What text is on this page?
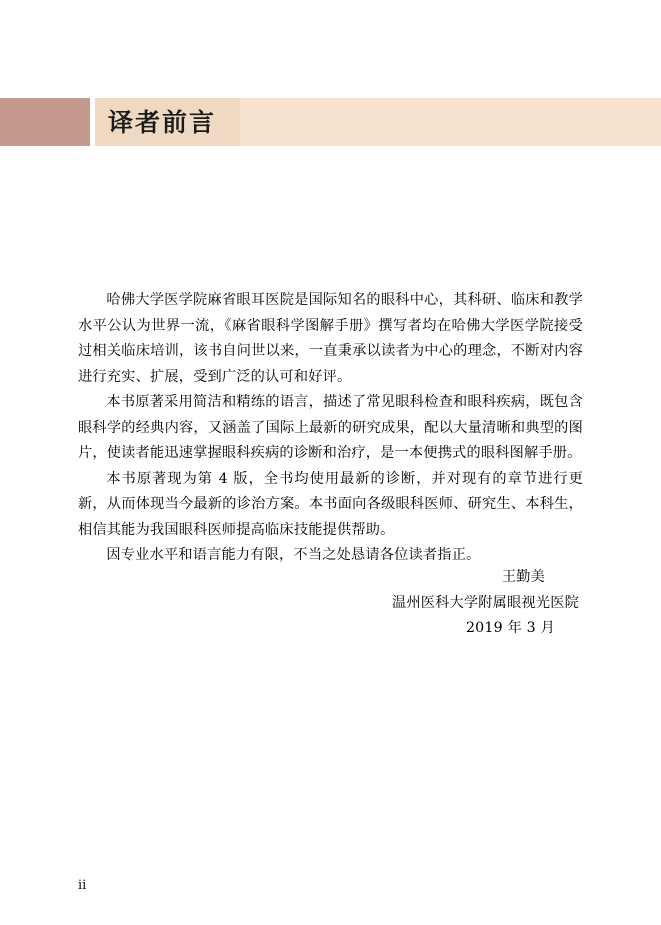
译者前言

哈佛大学医学院麻省眼耳医院是国际知名的眼科中心，其科研、临床和教学水平公认为世界一流，《麻省眼科学图解手册》撰写者均在哈佛大学医学院接受过相关临床培训，该书自问世以来，一直秉承以读者为中心的理念，不断对内容进行充实、扩展，受到广泛的认可和好评。

本书原著采用简洁和精练的语言，描述了常见眼科检查和眼科疾病，既包含眼科学的经典内容，又涵盖了国际上最新的研究成果，配以大量清晰和典型的图片，使读者能迅速掌握眼科疾病的诊断和治疗，是一本便携式的眼科图解手册。

本书原著现为第 4 版，全书均使用最新的诊断，并对现有的章节进行更新，从而体现当今最新的诊治方案。本书面向各级眼科医师、研究生、本科生，相信其能为我国眼科医师提高临床技能提供帮助。

因专业水平和语言能力有限，不当之处恳请各位读者指正。

王勤美
温州医科大学附属眼视光医院
2019 年 3 月
ii
